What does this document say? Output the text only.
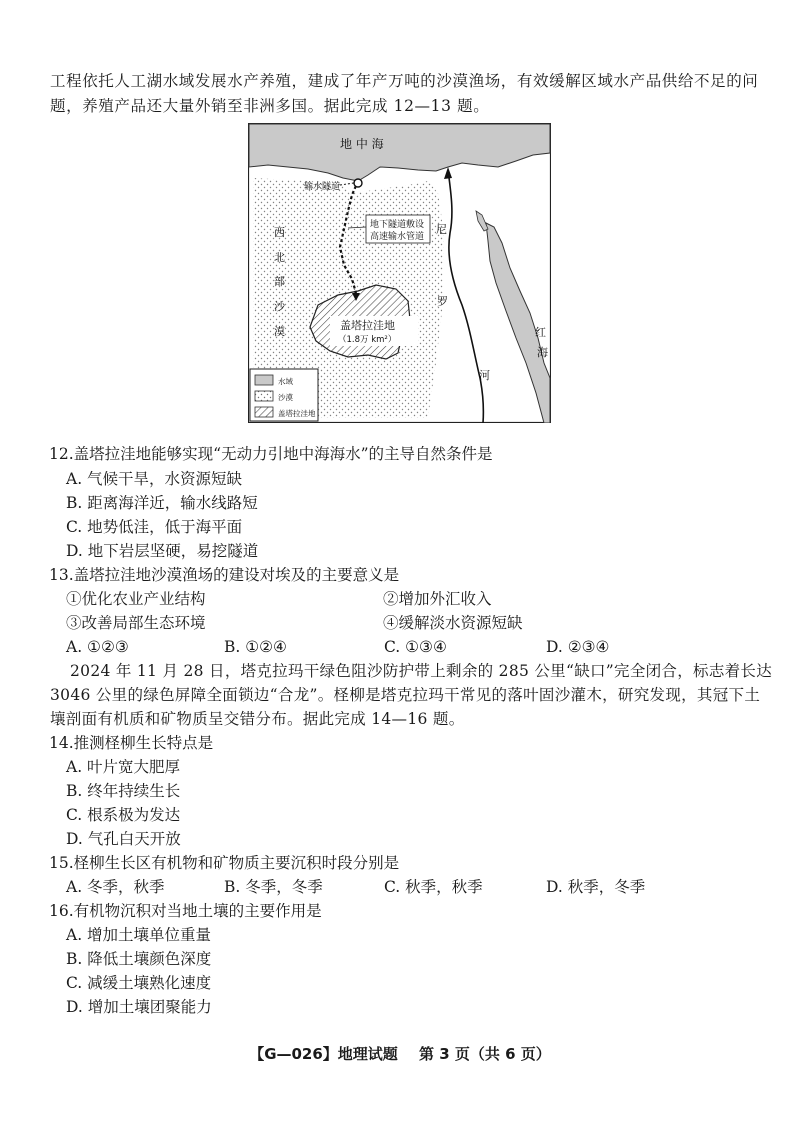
工程依托人工湖水域发展水产养殖，建成了年产万吨的沙漠渔场，有效缓解区域水产品供给不足的问
题，养殖产品还大量外销至非洲多国。据此完成 12—13 题。
地 中 海
输水隧道
地下隧道敷设
高速输水管道
西
北
部
沙
漠
尼
罗
河
红
海
盖塔拉洼地
（1.8万 km²）
水域
沙漠
盖塔拉洼地
12.盖塔拉洼地能够实现“无动力引地中海海水”的主导自然条件是
A. 气候干旱，水资源短缺
B. 距离海洋近，输水线路短
C. 地势低洼，低于海平面
D. 地下岩层坚硬，易挖隧道
13.盖塔拉洼地沙漠渔场的建设对埃及的主要意义是
①优化农业产业结构	②增加外汇收入
③改善局部生态环境	④缓解淡水资源短缺
A. ①②③	B. ①②④	C. ①③④	D. ②③④
2024 年 11 月 28 日，塔克拉玛干绿色阻沙防护带上剩余的 285 公里“缺口”完全闭合，标志着长达
3046 公里的绿色屏障全面锁边“合龙”。柽柳是塔克拉玛干常见的落叶固沙灌木，研究发现，其冠下土
壤剖面有机质和矿物质呈交错分布。据此完成 14—16 题。
14.推测柽柳生长特点是
A. 叶片宽大肥厚
B. 终年持续生长
C. 根系极为发达
D. 气孔白天开放
15.柽柳生长区有机物和矿物质主要沉积时段分别是
A. 冬季，秋季	B. 冬季，冬季	C. 秋季，秋季	D. 秋季，冬季
16.有机物沉积对当地土壤的主要作用是
A. 增加土壤单位重量
B. 降低土壤颜色深度
C. 减缓土壤熟化速度
D. 增加土壤团聚能力
【G—026】地理试题 第 3 页（共 6 页）
